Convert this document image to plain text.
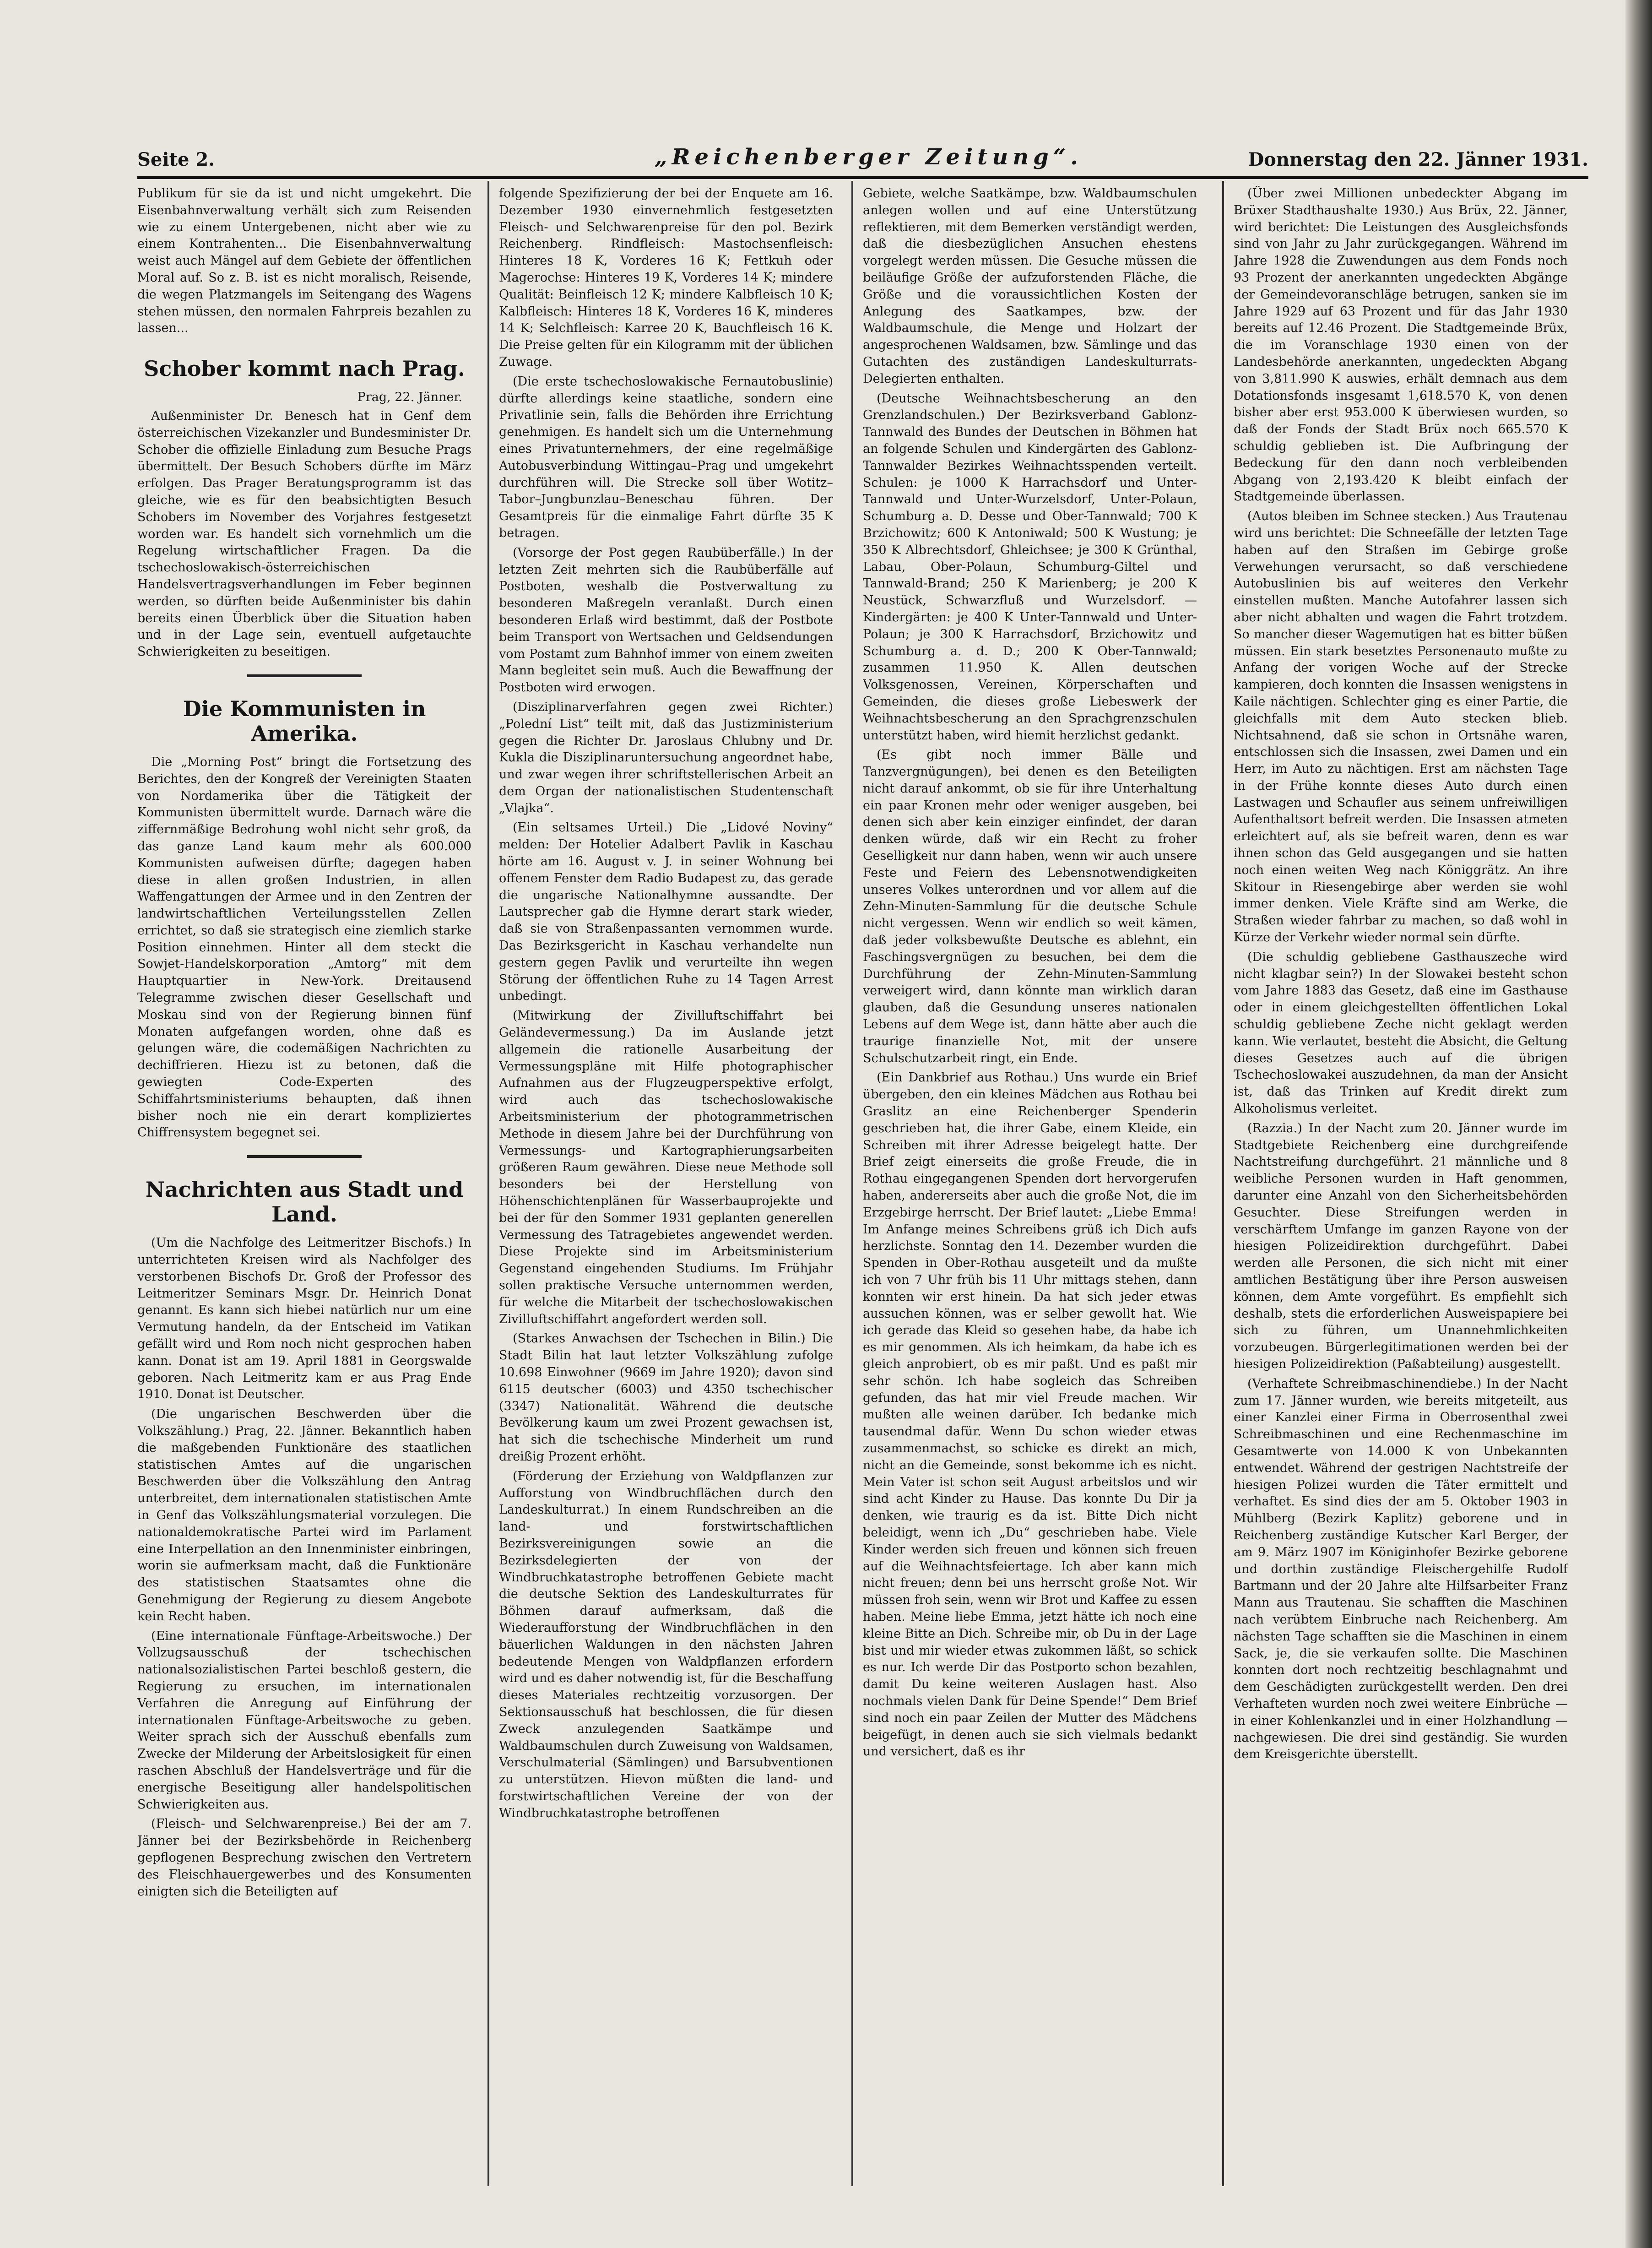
Seite 2.	„Reichenberger Zeitung“.	Donnerstag den 22. Jänner 1931.

Publikum für sie da ist und nicht umgekehrt. Die Eisenbahnverwaltung verhält sich zum Reisenden wie zu einem Untergebenen, nicht aber wie zu einem Kontrahenten... Die Eisenbahnverwaltung weist auch Mängel auf dem Gebiete der öffentlichen Moral auf. So z. B. ist es nicht moralisch, Reisende, die wegen Platzmangels im Seitengang des Wagens stehen müssen, den normalen Fahrpreis bezahlen zu lassen...

Schober kommt nach Prag.

Prag, 22. Jänner.

Außenminister Dr. Benesch hat in Genf dem österreichischen Vizekanzler und Bundesminister Dr. Schober die offizielle Einladung zum Besuche Prags übermittelt. Der Besuch Schobers dürfte im März erfolgen. Das Prager Beratungsprogramm ist das gleiche, wie es für den beabsichtigten Besuch Schobers im November des Vorjahres festgesetzt worden war. Es handelt sich vornehmlich um die Regelung wirtschaftlicher Fragen. Da die tschechoslowakisch-österreichischen Handelsvertragsverhandlungen im Feber beginnen werden, so dürften beide Außenminister bis dahin bereits einen Überblick über die Situation haben und in der Lage sein, eventuell aufgetauchte Schwierigkeiten zu beseitigen.

Die Kommunisten in Amerika.

Die „Morning Post“ bringt die Fortsetzung des Berichtes, den der Kongreß der Vereinigten Staaten von Nordamerika über die Tätigkeit der Kommunisten übermittelt wurde. Darnach wäre die ziffernmäßige Bedrohung wohl nicht sehr groß, da das ganze Land kaum mehr als 600.000 Kommunisten aufweisen dürfte; dagegen haben diese in allen großen Industrien, in allen Waffengattungen der Armee und in den Zentren der landwirtschaftlichen Verteilungsstellen Zellen errichtet, so daß sie strategisch eine ziemlich starke Position einnehmen. Hinter all dem steckt die Sowjet-Handelskorporation „Amtorg“ mit dem Hauptquartier in New-York. Dreitausend Telegramme zwischen dieser Gesellschaft und Moskau sind von der Regierung binnen fünf Monaten aufgefangen worden, ohne daß es gelungen wäre, die codemäßigen Nachrichten zu dechiffrieren. Hiezu ist zu betonen, daß die gewiegten Code-Experten des Schiffahrtsministeriums behaupten, daß ihnen bisher noch nie ein derart kompliziertes Chiffrensystem begegnet sei.

Nachrichten aus Stadt und Land.

(Um die Nachfolge des Leitmeritzer Bischofs.) In unterrichteten Kreisen wird als Nachfolger des verstorbenen Bischofs Dr. Groß der Professor des Leitmeritzer Seminars Msgr. Dr. Heinrich Donat genannt. Es kann sich hiebei natürlich nur um eine Vermutung handeln, da der Entscheid im Vatikan gefällt wird und Rom noch nicht gesprochen haben kann. Donat ist am 19. April 1881 in Georgswalde geboren. Nach Leitmeritz kam er aus Prag Ende 1910. Donat ist Deutscher.

(Die ungarischen Beschwerden über die Volkszählung.) Prag, 22. Jänner. Bekanntlich haben die maßgebenden Funktionäre des staatlichen statistischen Amtes auf die ungarischen Beschwerden über die Volkszählung den Antrag unterbreitet, dem internationalen statistischen Amte in Genf das Volkszählungsmaterial vorzulegen. Die nationaldemokratische Partei wird im Parlament eine Interpellation an den Innenminister einbringen, worin sie aufmerksam macht, daß die Funktionäre des statistischen Staatsamtes ohne die Genehmigung der Regierung zu diesem Angebote kein Recht haben.

(Eine internationale Fünftage-Arbeitswoche.) Der Vollzugsausschuß der tschechischen nationalsozialistischen Partei beschloß gestern, die Regierung zu ersuchen, im internationalen Verfahren die Anregung auf Einführung der internationalen Fünftage-Arbeitswoche zu geben. Weiter sprach sich der Ausschuß ebenfalls zum Zwecke der Milderung der Arbeitslosigkeit für einen raschen Abschluß der Handelsverträge und für die energische Beseitigung aller handelspolitischen Schwierigkeiten aus.

(Fleisch- und Selchwarenpreise.) Bei der am 7. Jänner bei der Bezirksbehörde in Reichenberg gepflogenen Besprechung zwischen den Vertretern des Fleischhauergewerbes und des Konsumenten einigten sich die Beteiligten auf

folgende Spezifizierung der bei der Enquete am 16. Dezember 1930 einvernehmlich festgesetzten Fleisch- und Selchwarenpreise für den pol. Bezirk Reichenberg. Rindfleisch: Mastochsenfleisch: Hinteres 18 K, Vorderes 16 K; Fettkuh oder Magerochse: Hinteres 19 K, Vorderes 14 K; mindere Qualität: Beinfleisch 12 K; mindere Kalbfleisch 10 K; Kalbfleisch: Hinteres 18 K, Vorderes 16 K, minderes 14 K; Selchfleisch: Karree 20 K, Bauchfleisch 16 K. Die Preise gelten für ein Kilogramm mit der üblichen Zuwage.

(Die erste tschechoslowakische Fernautobuslinie) dürfte allerdings keine staatliche, sondern eine Privatlinie sein, falls die Behörden ihre Errichtung genehmigen. Es handelt sich um die Unternehmung eines Privatunternehmers, der eine regelmäßige Autobusverbindung Wittingau–Prag und umgekehrt durchführen will. Die Strecke soll über Wotitz–Tabor–Jungbunzlau–Beneschau führen. Der Gesamtpreis für die einmalige Fahrt dürfte 35 K betragen.

(Vorsorge der Post gegen Raubüberfälle.) In der letzten Zeit mehrten sich die Raubüberfälle auf Postboten, weshalb die Postverwaltung zu besonderen Maßregeln veranlaßt. Durch einen besonderen Erlaß wird bestimmt, daß der Postbote beim Transport von Wertsachen und Geldsendungen vom Postamt zum Bahnhof immer von einem zweiten Mann begleitet sein muß. Auch die Bewaffnung der Postboten wird erwogen.

(Disziplinarverfahren gegen zwei Richter.) „Polední List“ teilt mit, daß das Justizministerium gegen die Richter Dr. Jaroslaus Chlubny und Dr. Kukla die Disziplinaruntersuchung angeordnet habe, und zwar wegen ihrer schriftstellerischen Arbeit an dem Organ der nationalistischen Studentenschaft „Vlajka“.

(Ein seltsames Urteil.) Die „Lidové Noviny“ melden: Der Hotelier Adalbert Pavlik in Kaschau hörte am 16. August v. J. in seiner Wohnung bei offenem Fenster dem Radio Budapest zu, das gerade die ungarische Nationalhymne aussandte. Der Lautsprecher gab die Hymne derart stark wieder, daß sie von Straßenpassanten vernommen wurde. Das Bezirksgericht in Kaschau verhandelte nun gestern gegen Pavlik und verurteilte ihn wegen Störung der öffentlichen Ruhe zu 14 Tagen Arrest unbedingt.

(Mitwirkung der Zivilluftschiffahrt bei Geländevermessung.) Da im Auslande jetzt allgemein die rationelle Ausarbeitung der Vermessungspläne mit Hilfe photographischer Aufnahmen aus der Flugzeugperspektive erfolgt, wird auch das tschechoslowakische Arbeitsministerium der photogrammetrischen Methode in diesem Jahre bei der Durchführung von Vermessungs- und Kartographierungsarbeiten größeren Raum gewähren. Diese neue Methode soll besonders bei der Herstellung von Höhenschichtenplänen für Wasserbauprojekte und bei der für den Sommer 1931 geplanten generellen Vermessung des Tatragebietes angewendet werden. Diese Projekte sind im Arbeitsministerium Gegenstand eingehenden Studiums. Im Frühjahr sollen praktische Versuche unternommen werden, für welche die Mitarbeit der tschechoslowakischen Zivilluftschiffahrt angefordert werden soll.

(Starkes Anwachsen der Tschechen in Bilin.) Die Stadt Bilin hat laut letzter Volkszählung zufolge 10.698 Einwohner (9669 im Jahre 1920); davon sind 6115 deutscher (6003) und 4350 tschechischer (3347) Nationalität. Während die deutsche Bevölkerung kaum um zwei Prozent gewachsen ist, hat sich die tschechische Minderheit um rund dreißig Prozent erhöht.

(Förderung der Erziehung von Waldpflanzen zur Aufforstung von Windbruchflächen durch den Landeskulturrat.) In einem Rundschreiben an die land- und forstwirtschaftlichen Bezirksvereinigungen sowie an die Bezirksdelegierten der von der Windbruchkatastrophe betroffenen Gebiete macht die deutsche Sektion des Landeskulturrates für Böhmen darauf aufmerksam, daß die Wiederaufforstung der Windbruchflächen in den bäuerlichen Waldungen in den nächsten Jahren bedeutende Mengen von Waldpflanzen erfordern wird und es daher notwendig ist, für die Beschaffung dieses Materiales rechtzeitig vorzusorgen. Der Sektionsausschuß hat beschlossen, die für diesen Zweck anzulegenden Saatkämpe und Waldbaumschulen durch Zuweisung von Waldsamen, Verschulmaterial (Sämlingen) und Barsubventionen zu unterstützen. Hievon müßten die land- und forstwirtschaftlichen Vereine der von der Windbruchkatastrophe betroffenen

Gebiete, welche Saatkämpe, bzw. Waldbaumschulen anlegen wollen und auf eine Unterstützung reflektieren, mit dem Bemerken verständigt werden, daß die diesbezüglichen Ansuchen ehestens vorgelegt werden müssen. Die Gesuche müssen die beiläufige Größe der aufzuforstenden Fläche, die Größe und die voraussichtlichen Kosten der Anlegung des Saatkampes, bzw. der Waldbaumschule, die Menge und Holzart der angesprochenen Waldsamen, bzw. Sämlinge und das Gutachten des zuständigen Landeskulturrats-Delegierten enthalten.

(Deutsche Weihnachtsbescherung an den Grenzlandschulen.) Der Bezirksverband Gablonz-Tannwald des Bundes der Deutschen in Böhmen hat an folgende Schulen und Kindergärten des Gablonz-Tannwalder Bezirkes Weihnachtsspenden verteilt. Schulen: je 1000 K Harrachsdorf und Unter-Tannwald und Unter-Wurzelsdorf, Unter-Polaun, Schumburg a. D. Desse und Ober-Tannwald; 700 K Brzichowitz; 600 K Antoniwald; 500 K Wustung; je 350 K Albrechtsdorf, Ghleichsee; je 300 K Grünthal, Labau, Ober-Polaun, Schumburg-Giltel und Tannwald-Brand; 250 K Marienberg; je 200 K Neustück, Schwarzfluß und Wurzelsdorf. — Kindergärten: je 400 K Unter-Tannwald und Unter-Polaun; je 300 K Harrachsdorf, Brzichowitz und Schumburg a. d. D.; 200 K Ober-Tannwald; zusammen 11.950 K. Allen deutschen Volksgenossen, Vereinen, Körperschaften und Gemeinden, die dieses große Liebeswerk der Weihnachtsbescherung an den Sprachgrenzschulen unterstützt haben, wird hiemit herzlichst gedankt.

(Es gibt noch immer Bälle und Tanzvergnügungen), bei denen es den Beteiligten nicht darauf ankommt, ob sie für ihre Unterhaltung ein paar Kronen mehr oder weniger ausgeben, bei denen sich aber kein einziger einfindet, der daran denken würde, daß wir ein Recht zu froher Geselligkeit nur dann haben, wenn wir auch unsere Feste und Feiern des Lebensnotwendigkeiten unseres Volkes unterordnen und vor allem auf die Zehn-Minuten-Sammlung für die deutsche Schule nicht vergessen. Wenn wir endlich so weit kämen, daß jeder volksbewußte Deutsche es ablehnt, ein Faschingsvergnügen zu besuchen, bei dem die Durchführung der Zehn-Minuten-Sammlung verweigert wird, dann könnte man wirklich daran glauben, daß die Gesundung unseres nationalen Lebens auf dem Wege ist, dann hätte aber auch die traurige finanzielle Not, mit der unsere Schulschutzarbeit ringt, ein Ende.

(Ein Dankbrief aus Rothau.) Uns wurde ein Brief übergeben, den ein kleines Mädchen aus Rothau bei Graslitz an eine Reichenberger Spenderin geschrieben hat, die ihrer Gabe, einem Kleide, ein Schreiben mit ihrer Adresse beigelegt hatte. Der Brief zeigt einerseits die große Freude, die in Rothau eingegangenen Spenden dort hervorgerufen haben, andererseits aber auch die große Not, die im Erzgebirge herrscht. Der Brief lautet: „Liebe Emma! Im Anfange meines Schreibens grüß ich Dich aufs herzlichste. Sonntag den 14. Dezember wurden die Spenden in Ober-Rothau ausgeteilt und da mußte ich von 7 Uhr früh bis 11 Uhr mittags stehen, dann konnten wir erst hinein. Da hat sich jeder etwas aussuchen können, was er selber gewollt hat. Wie ich gerade das Kleid so gesehen habe, da habe ich es mir genommen. Als ich heimkam, da habe ich es gleich anprobiert, ob es mir paßt. Und es paßt mir sehr schön. Ich habe sogleich das Schreiben gefunden, das hat mir viel Freude machen. Wir mußten alle weinen darüber. Ich bedanke mich tausendmal dafür. Wenn Du schon wieder etwas zusammenmachst, so schicke es direkt an mich, nicht an die Gemeinde, sonst bekomme ich es nicht. Mein Vater ist schon seit August arbeitslos und wir sind acht Kinder zu Hause. Das konnte Du Dir ja denken, wie traurig es da ist. Bitte Dich nicht beleidigt, wenn ich „Du“ geschrieben habe. Viele Kinder werden sich freuen und können sich freuen auf die Weihnachtsfeiertage. Ich aber kann mich nicht freuen; denn bei uns herrscht große Not. Wir müssen froh sein, wenn wir Brot und Kaffee zu essen haben. Meine liebe Emma, jetzt hätte ich noch eine kleine Bitte an Dich. Schreibe mir, ob Du in der Lage bist und mir wieder etwas zukommen läßt, so schick es nur. Ich werde Dir das Postporto schon bezahlen, damit Du keine weiteren Auslagen hast. Also nochmals vielen Dank für Deine Spende!“ Dem Brief sind noch ein paar Zeilen der Mutter des Mädchens beigefügt, in denen auch sie sich vielmals bedankt und versichert, daß es ihr

(Über zwei Millionen unbedeckter Abgang im Brüxer Stadthaushalte 1930.) Aus Brüx, 22. Jänner, wird berichtet: Die Leistungen des Ausgleichsfonds sind von Jahr zu Jahr zurückgegangen. Während im Jahre 1928 die Zuwendungen aus dem Fonds noch 93 Prozent der anerkannten ungedeckten Abgänge der Gemeindevoranschläge betrugen, sanken sie im Jahre 1929 auf 63 Prozent und für das Jahr 1930 bereits auf 12.46 Prozent. Die Stadtgemeinde Brüx, die im Voranschlage 1930 einen von der Landesbehörde anerkannten, ungedeckten Abgang von 3,811.990 K auswies, erhält demnach aus dem Dotationsfonds insgesamt 1,618.570 K, von denen bisher aber erst 953.000 K überwiesen wurden, so daß der Fonds der Stadt Brüx noch 665.570 K schuldig geblieben ist. Die Aufbringung der Bedeckung für den dann noch verbleibenden Abgang von 2,193.420 K bleibt einfach der Stadtgemeinde überlassen.

(Autos bleiben im Schnee stecken.) Aus Trautenau wird uns berichtet: Die Schneefälle der letzten Tage haben auf den Straßen im Gebirge große Verwehungen verursacht, so daß verschiedene Autobuslinien bis auf weiteres den Verkehr einstellen mußten. Manche Autofahrer lassen sich aber nicht abhalten und wagen die Fahrt trotzdem. So mancher dieser Wagemutigen hat es bitter büßen müssen. Ein stark besetztes Personenauto mußte zu Anfang der vorigen Woche auf der Strecke kampieren, doch konnten die Insassen wenigstens in Kaile nächtigen. Schlechter ging es einer Partie, die gleichfalls mit dem Auto stecken blieb. Nichtsahnend, daß sie schon in Ortsnähe waren, entschlossen sich die Insassen, zwei Damen und ein Herr, im Auto zu nächtigen. Erst am nächsten Tage in der Frühe konnte dieses Auto durch einen Lastwagen und Schaufler aus seinem unfreiwilligen Aufenthaltsort befreit werden. Die Insassen atmeten erleichtert auf, als sie befreit waren, denn es war ihnen schon das Geld ausgegangen und sie hatten noch einen weiten Weg nach Königgrätz. An ihre Skitour in Riesengebirge aber werden sie wohl immer denken. Viele Kräfte sind am Werke, die Straßen wieder fahrbar zu machen, so daß wohl in Kürze der Verkehr wieder normal sein dürfte.

(Die schuldig gebliebene Gasthauszeche wird nicht klagbar sein?) In der Slowakei besteht schon vom Jahre 1883 das Gesetz, daß eine im Gasthause oder in einem gleichgestellten öffentlichen Lokal schuldig gebliebene Zeche nicht geklagt werden kann. Wie verlautet, besteht die Absicht, die Geltung dieses Gesetzes auch auf die übrigen Tschechoslowakei auszudehnen, da man der Ansicht ist, daß das Trinken auf Kredit direkt zum Alkoholismus verleitet.

(Razzia.) In der Nacht zum 20. Jänner wurde im Stadtgebiete Reichenberg eine durchgreifende Nachtstreifung durchgeführt. 21 männliche und 8 weibliche Personen wurden in Haft genommen, darunter eine Anzahl von den Sicherheitsbehörden Gesuchter. Diese Streifungen werden in verschärftem Umfange im ganzen Rayone von der hiesigen Polizeidirektion durchgeführt. Dabei werden alle Personen, die sich nicht mit einer amtlichen Bestätigung über ihre Person ausweisen können, dem Amte vorgeführt. Es empfiehlt sich deshalb, stets die erforderlichen Ausweispapiere bei sich zu führen, um Unannehmlichkeiten vorzubeugen. Bürgerlegitimationen werden bei der hiesigen Polizeidirektion (Paßabteilung) ausgestellt.

(Verhaftete Schreibmaschinendiebe.) In der Nacht zum 17. Jänner wurden, wie bereits mitgeteilt, aus einer Kanzlei einer Firma in Oberrosenthal zwei Schreibmaschinen und eine Rechenmaschine im Gesamtwerte von 14.000 K von Unbekannten entwendet. Während der gestrigen Nachtstreife der hiesigen Polizei wurden die Täter ermittelt und verhaftet. Es sind dies der am 5. Oktober 1903 in Mühlberg (Bezirk Kaplitz) geborene und in Reichenberg zuständige Kutscher Karl Berger, der am 9. März 1907 im Königinhofer Bezirke geborene und dorthin zuständige Fleischergehilfe Rudolf Bartmann und der 20 Jahre alte Hilfsarbeiter Franz Mann aus Trautenau. Sie schafften die Maschinen nach verübtem Einbruche nach Reichenberg. Am nächsten Tage schafften sie die Maschinen in einem Sack, je, die sie verkaufen sollte. Die Maschinen konnten dort noch rechtzeitig beschlagnahmt und dem Geschädigten zurückgestellt werden. Den drei Verhafteten wurden noch zwei weitere Einbrüche — in einer Kohlenkanzlei und in einer Holzhandlung — nachgewiesen. Die drei sind geständig. Sie wurden dem Kreisgerichte überstellt.
